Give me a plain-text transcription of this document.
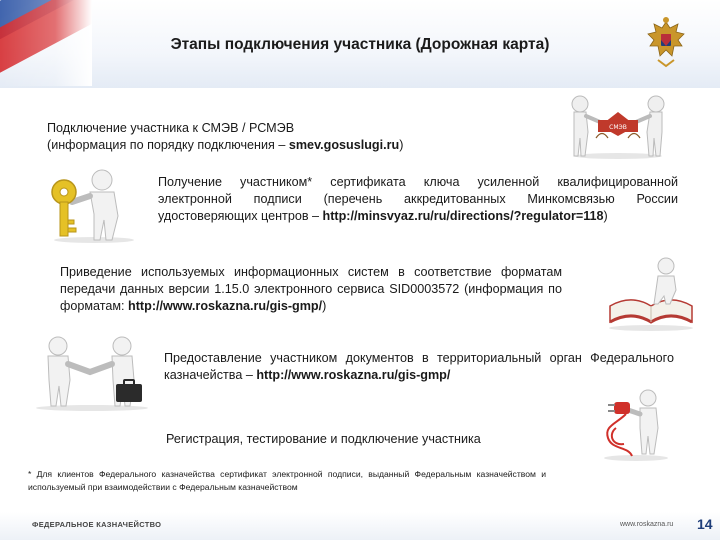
Этапы подключения участника (Дорожная карта)
Подключение участника к СМЭВ / РСМЭВ
(информация по порядку подключения – smev.gosuslugi.ru)
СМЭВ
Получение участником* сертификата ключа усиленной квалифицированной электронной подписи (перечень аккредитованных Минкомсвязью России удостоверяющих центров – http://minsvyaz.ru/ru/directions/?regulator=118)
Приведение используемых информационных систем в соответствие форматам передачи данных версии 1.15.0 электронного сервиса SID0003572 (информация по форматам: http://www.roskazna.ru/gis-gmp/)
Предоставление участником документов в территориальный орган Федерального казначейства – http://www.roskazna.ru/gis-gmp/
Регистрация, тестирование и подключение участника
* Для клиентов Федерального казначейства сертификат электронной подписи, выданный Федеральным казначейством и используемый при взаимодействии с Федеральным казначейством
ФЕДЕРАЛЬНОЕ КАЗНАЧЕЙСТВО	www.roskazna.ru 14
